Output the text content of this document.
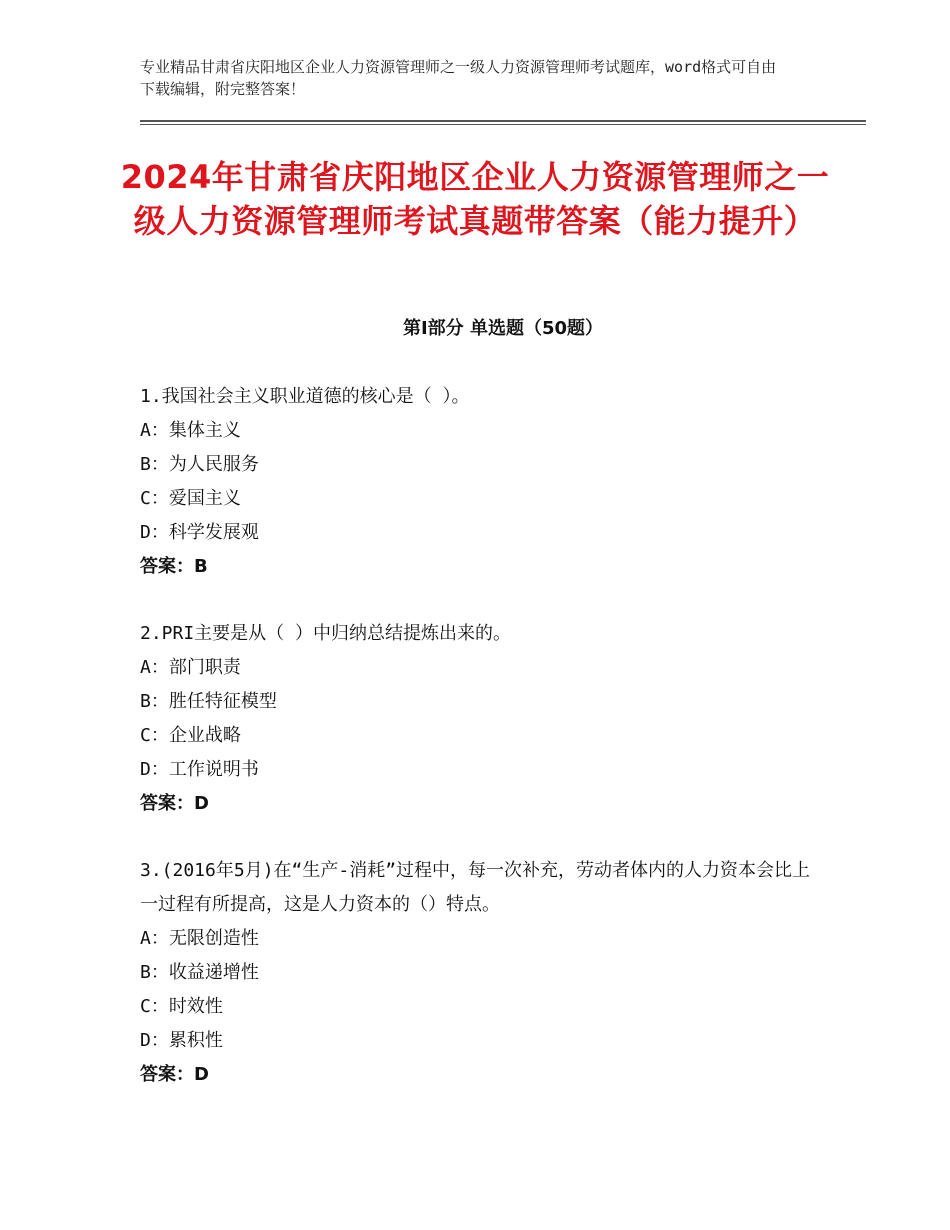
专业精品甘肃省庆阳地区企业人力资源管理师之一级人力资源管理师考试题库，word格式可自由下载编辑，附完整答案！
2024年甘肃省庆阳地区企业人力资源管理师之一级人力资源管理师考试真题带答案（能力提升）
第Ⅰ部分 单选题（50题）
1.我国社会主义职业道德的核心是（ ）。
A：集体主义
B：为人民服务
C：爱国主义
D：科学发展观
答案：B
2.PRI主要是从（ ）中归纳总结提炼出来的。
A：部门职责
B：胜任特征模型
C：企业战略
D：工作说明书
答案：D
3.(2016年5月)在“生产-消耗”过程中，每一次补充，劳动者体内的人力资本会比上一过程有所提高，这是人力资本的（）特点。
A：无限创造性
B：收益递增性
C：时效性
D：累积性
答案：D
